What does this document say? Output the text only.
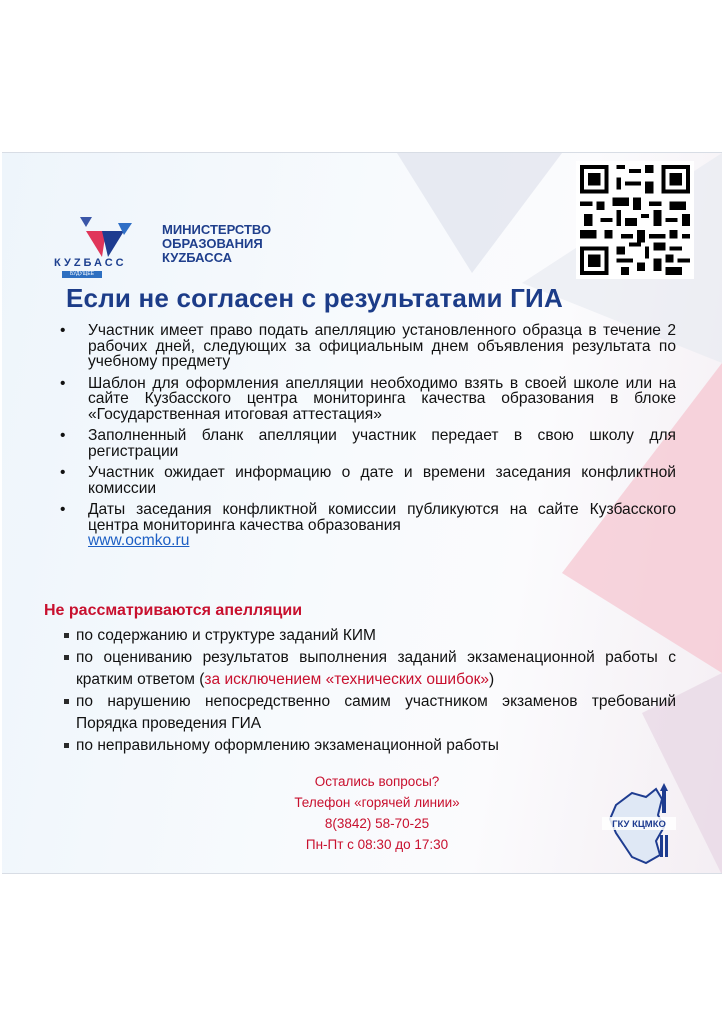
КУZБАСС
БУДУЩЕЕ
МИНИСТЕРСТВО
ОБРАЗОВАНИЯ
КУZБАССА
Если не согласен с результатами ГИА
• Участник имеет право подать апелляцию установленного образца в течение 2 рабочих дней, следующих за официальным днем объявления результата по учебному предмету
• Шаблон для оформления апелляции необходимо взять в своей школе или на сайте Кузбасского центра мониторинга качества образования в блоке «Государственная итоговая аттестация»
• Заполненный бланк апелляции участник передает в свою школу для регистрации
• Участник ожидает информацию о дате и времени заседания конфликтной комиссии
• Даты заседания конфликтной комиссии публикуются на сайте Кузбасского центра мониторинга качества образования
www.ocmko.ru
Не рассматриваются апелляции
по содержанию и структуре заданий КИМ
по оцениванию результатов выполнения заданий экзаменационной работы с кратким ответом (за исключением «технических ошибок»)
по нарушению непосредственно самим участником экзаменов требований Порядка проведения ГИА
по неправильному оформлению экзаменационной работы
Остались вопросы?
Телефон «горячей линии»
8(3842) 58-70-25
Пн-Пт с 08:30 до 17:30
ГКУ КЦМКО
